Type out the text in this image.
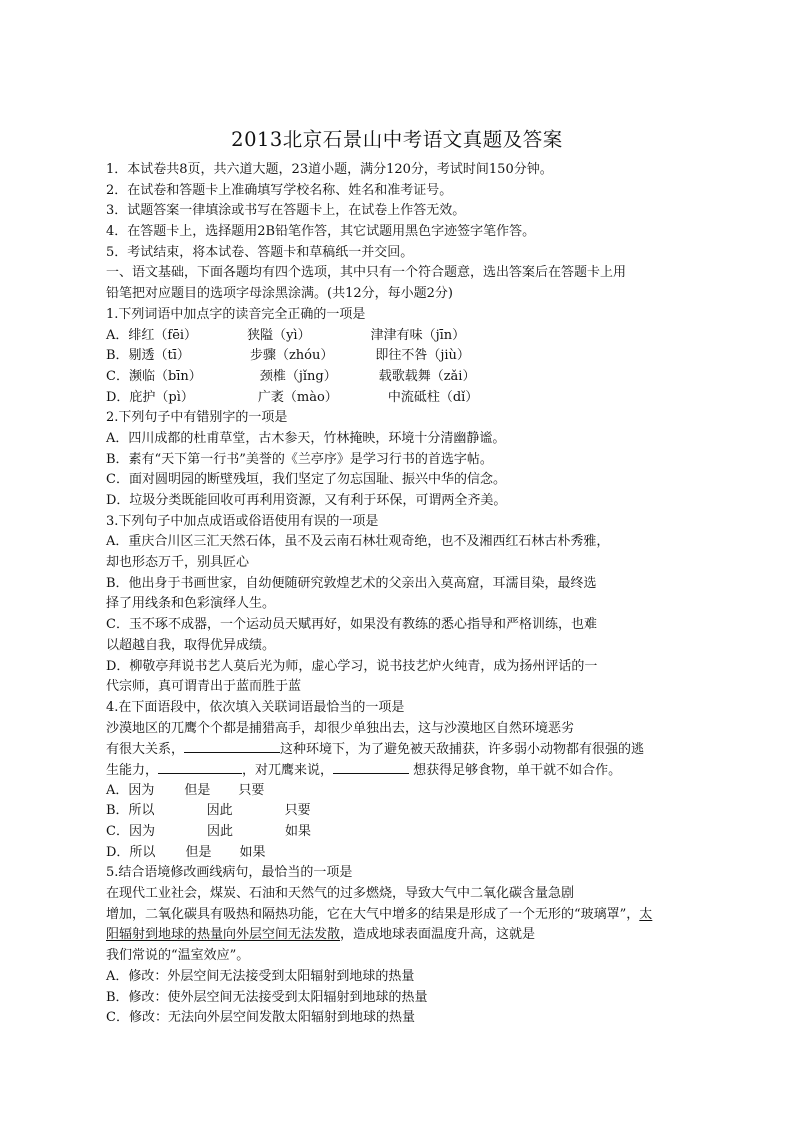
2013北京石景山中考语文真题及答案
1．本试卷共8页，共六道大题，23道小题，满分120分，考试时间150分钟。
2．在试卷和答题卡上准确填写学校名称、姓名和准考证号。
3．试题答案一律填涂或书写在答题卡上，在试卷上作答无效。
4．在答题卡上，选择题用2B铅笔作答，其它试题用黑色字迹签字笔作答。
5．考试结束，将本试卷、答题卡和草稿纸一并交回。
一、语文基础，下面各题均有四个选项，其中只有一个符合题意，选出答案后在答题卡上用
铅笔把对应题目的选项字母涂黑涂满。(共12分，每小题2分)
1.下列词语中加点字的读音完全正确的一项是
A．绯红（fēi）	狭隘（yì）	津津有味（jīn）
B．剔透（tī）	步骤（zhóu）	即往不咎（jiù）
C．濒临（bīn）	颈椎（jǐng）	载歌载舞（zǎi）
D．庇护（pì）	广袤（mào）	中流砥柱（dǐ）
2.下列句子中有错别字的一项是
A．四川成都的杜甫草堂，古木参天，竹林掩映，环境十分清幽静谧。
B．素有“天下第一行书”美誉的《兰亭序》是学习行书的首选字帖。
C．面对圆明园的断壁残垣，我们坚定了勿忘国耻、振兴中华的信念。
D．垃圾分类既能回收可再利用资源，又有利于环保，可谓两全齐美。
3.下列句子中加点成语或俗语使用有误的一项是
A．重庆合川区三汇天然石体，虽不及云南石林壮观奇绝，也不及湘西红石林古朴秀雅，
却也形态万千，别具匠心
B．他出身于书画世家，自幼便随研究敦煌艺术的父亲出入莫高窟，耳濡目染，最终选
择了用线条和色彩演绎人生。
C．玉不琢不成器，一个运动员天赋再好，如果没有教练的悉心指导和严格训练，也难
以超越自我，取得优异成绩。
D．柳敬亭拜说书艺人莫后光为师，虚心学习，说书技艺炉火纯青，成为扬州评话的一
代宗师，真可谓青出于蓝而胜于蓝
4.在下面语段中，依次填入关联词语最恰当的一项是
沙漠地区的兀鹰个个都是捕猎高手，却很少单独出去，这与沙漠地区自然环境恶劣
有很大关系，	这种环境下，为了避免被天敌捕获，许多弱小动物都有很强的逃
生能力，	，对兀鹰来说，	想获得足够食物，单干就不如合作。
A．因为 但是 只要
B．所以	因此	只要
C．因为	因此	如果
D．所以 但是 如果
5.结合语境修改画线病句，最恰当的一项是
在现代工业社会，煤炭、石油和天然气的过多燃烧，导致大气中二氧化碳含量急剧
增加，二氧化碳具有吸热和隔热功能，它在大气中增多的结果是形成了一个无形的“玻璃罩”，太
阳辐射到地球的热量向外层空间无法发散，造成地球表面温度升高，这就是
我们常说的“温室效应”。
A．修改：外层空间无法接受到太阳辐射到地球的热量
B．修改：使外层空间无法接受到太阳辐射到地球的热量
C．修改：无法向外层空间发散太阳辐射到地球的热量
